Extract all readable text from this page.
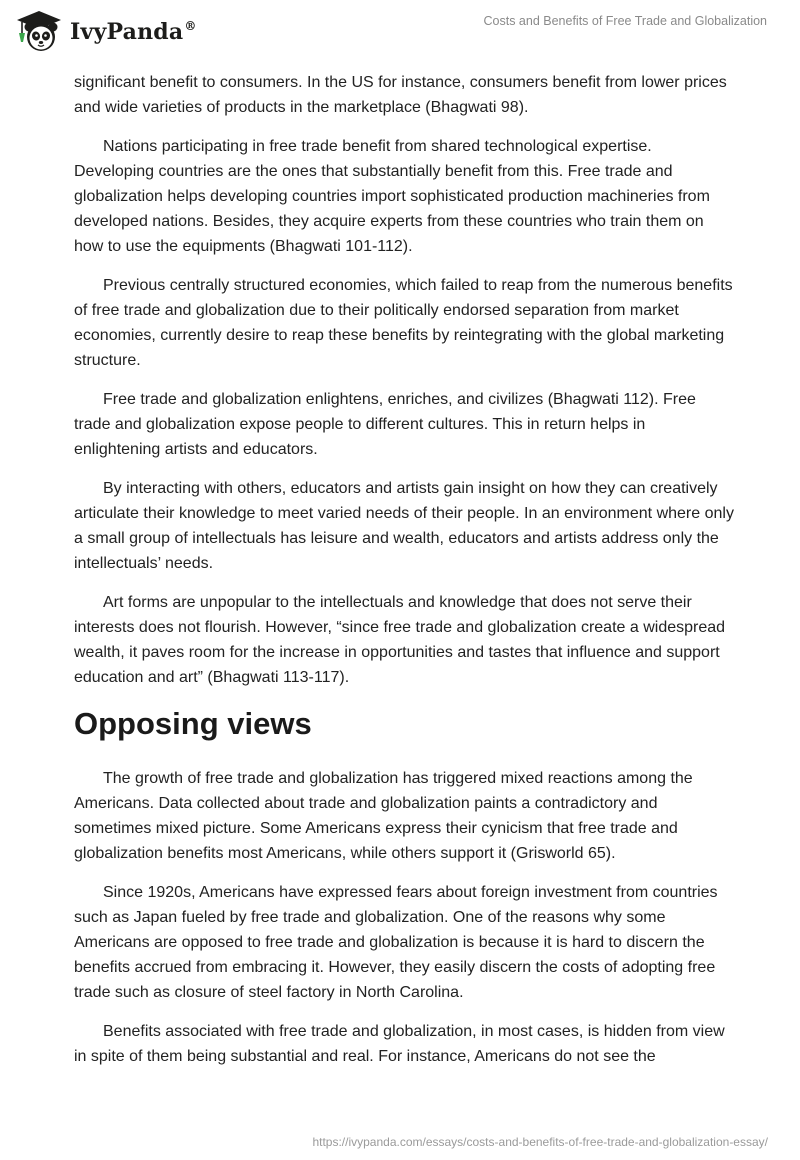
IvyPanda®	Costs and Benefits of Free Trade and Globalization

significant benefit to consumers. In the US for instance, consumers benefit from lower prices and wide varieties of products in the marketplace (Bhagwati 98).

Nations participating in free trade benefit from shared technological expertise. Developing countries are the ones that substantially benefit from this. Free trade and globalization helps developing countries import sophisticated production machineries from developed nations. Besides, they acquire experts from these countries who train them on how to use the equipments (Bhagwati 101-112).

Previous centrally structured economies, which failed to reap from the numerous benefits of free trade and globalization due to their politically endorsed separation from market economies, currently desire to reap these benefits by reintegrating with the global marketing structure.

Free trade and globalization enlightens, enriches, and civilizes (Bhagwati 112). Free trade and globalization expose people to different cultures. This in return helps in enlightening artists and educators.

By interacting with others, educators and artists gain insight on how they can creatively articulate their knowledge to meet varied needs of their people. In an environment where only a small group of intellectuals has leisure and wealth, educators and artists address only the intellectuals’ needs.

Art forms are unpopular to the intellectuals and knowledge that does not serve their interests does not flourish. However, “since free trade and globalization create a widespread wealth, it paves room for the increase in opportunities and tastes that influence and support education and art” (Bhagwati 113-117).

Opposing views

The growth of free trade and globalization has triggered mixed reactions among the Americans. Data collected about trade and globalization paints a contradictory and sometimes mixed picture. Some Americans express their cynicism that free trade and globalization benefits most Americans, while others support it (Grisworld 65).

Since 1920s, Americans have expressed fears about foreign investment from countries such as Japan fueled by free trade and globalization. One of the reasons why some Americans are opposed to free trade and globalization is because it is hard to discern the benefits accrued from embracing it. However, they easily discern the costs of adopting free trade such as closure of steel factory in North Carolina.

Benefits associated with free trade and globalization, in most cases, is hidden from view in spite of them being substantial and real. For instance, Americans do not see the

https://ivypanda.com/essays/costs-and-benefits-of-free-trade-and-globalization-essay/
